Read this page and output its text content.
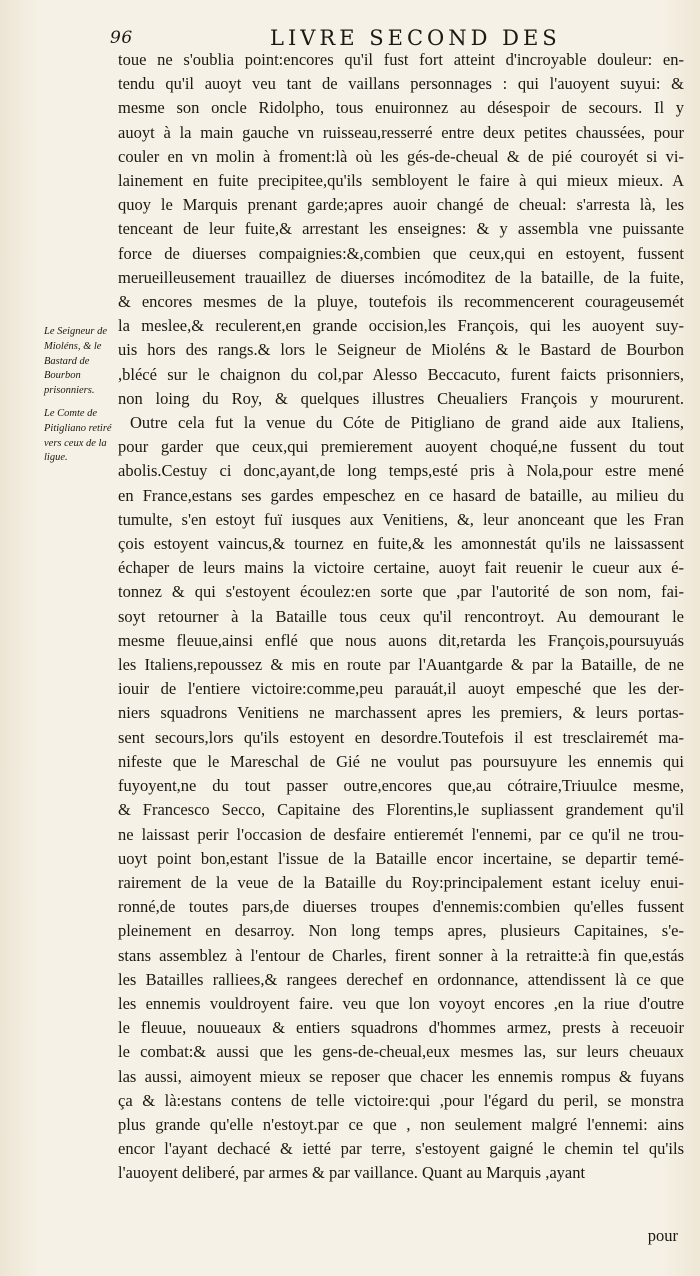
96	LIVRE SECOND DES

Le Seigneur de Mioléns, & le Bastard de Bourbon prisonniers.

Le Comte de Pitigliano retiré vers ceux de la ligue.

toue ne s'oublia point:encores qu'il fust fort atteint d'incroyable douleur: en-
tendu qu'il auoyt veu tant de vaillans personnages : qui l'auoyent suyui: &
mesme son oncle Ridolpho, tous enuironnez au désespoir de secours. Il y
auoyt à la main gauche vn ruisseau,resserré entre deux petites chaussées, pour
couler en vn molin à froment:là où les gés-de-cheual & de pié couroyét si vi-
lainement en fuite precipitee,qu'ils sembloyent le faire à qui mieux mieux. A
quoy le Marquis prenant garde;apres auoir changé de cheual: s'arresta là, les
tenceant de leur fuite,& arrestant les enseignes: & y assembla vne puissante
force de diuerses compaignies:&,combien que ceux,qui en estoyent, fussent
merueilleusement trauaillez de diuerses incómoditez de la bataille, de la fuite,
& encores mesmes de la pluye, toutefois ils recommencerent courageusemét
la meslee,& reculerent,en grande occision,les François, qui les auoyent suy-
uis hors des rangs.& lors le Seigneur de Mioléns & le Bastard de Bourbon
,blécé sur le chaignon du col,par Alesso Beccacuto, furent faicts prisonniers,
non loing du Roy, & quelques illustres Cheualiers François y moururent.
Outre cela fut la venue du Cóte de Pitigliano de grand aide aux Italiens,
pour garder que ceux,qui premierement auoyent choqué,ne fussent du tout
abolis.Cestuy ci donc,ayant,de long temps,esté pris à Nola,pour estre mené
en France,estans ses gardes empeschez en ce hasard de bataille, au milieu du
tumulte, s'en estoyt fuï iusques aux Venitiens, &, leur anonceant que les Fran
çois estoyent vaincus,& tournez en fuite,& les amonnestát qu'ils ne laissassent
échaper de leurs mains la victoire certaine, auoyt fait reuenir le cueur aux é-
tonnez & qui s'estoyent écoulez:en sorte que ,par l'autorité de son nom, fai-
soyt retourner à la Bataille tous ceux qu'il rencontroyt. Au demourant le
mesme fleuue,ainsi enflé que nous auons dit,retarda les François,poursuyuás
les Italiens,repoussez & mis en route par l'Auantgarde & par la Bataille, de ne
iouir de l'entiere victoire:comme,peu parauát,il auoyt empesché que les der-
niers squadrons Venitiens ne marchassent apres les premiers, & leurs portas-
sent secours,lors qu'ils estoyent en desordre.Toutefois il est tresclairemét ma-
nifeste que le Mareschal de Gié ne voulut pas poursuyure les ennemis qui
fuyoyent,ne du tout passer outre,encores que,au cótraire,Triuulce mesme,
& Francesco Secco, Capitaine des Florentins,le supliassent grandement qu'il
ne laissast perir l'occasion de desfaire entieremét l'ennemi, par ce qu'il ne trou-
uoyt point bon,estant l'issue de la Bataille encor incertaine, se departir temé-
rairement de la veue de la Bataille du Roy:principalement estant iceluy enui-
ronné,de toutes pars,de diuerses troupes d'ennemis:combien qu'elles fussent
pleinement en desarroy. Non long temps apres, plusieurs Capitaines, s'e-
stans assemblez à l'entour de Charles, firent sonner à la retraitte:à fin que,estás
les Batailles ralliees,& rangees derechef en ordonnance, attendissent là ce que
les ennemis vouldroyent faire. veu que lon voyoyt encores ,en la riue d'outre
le fleuue, nouueaux & entiers squadrons d'hommes armez, prests à receuoir
le combat:& aussi que les gens-de-cheual,eux mesmes las, sur leurs cheuaux
las aussi, aimoyent mieux se reposer que chacer les ennemis rompus & fuyans
ça & là:estans contens de telle victoire:qui ,pour l'égard du peril, se monstra
plus grande qu'elle n'estoyt.par ce que , non seulement malgré l'ennemi: ains
encor l'ayant dechacé & ietté par terre, s'estoyent gaigné le chemin tel qu'ils
l'auoyent deliberé, par armes & par vaillance. Quant au Marquis ,ayant
pour
